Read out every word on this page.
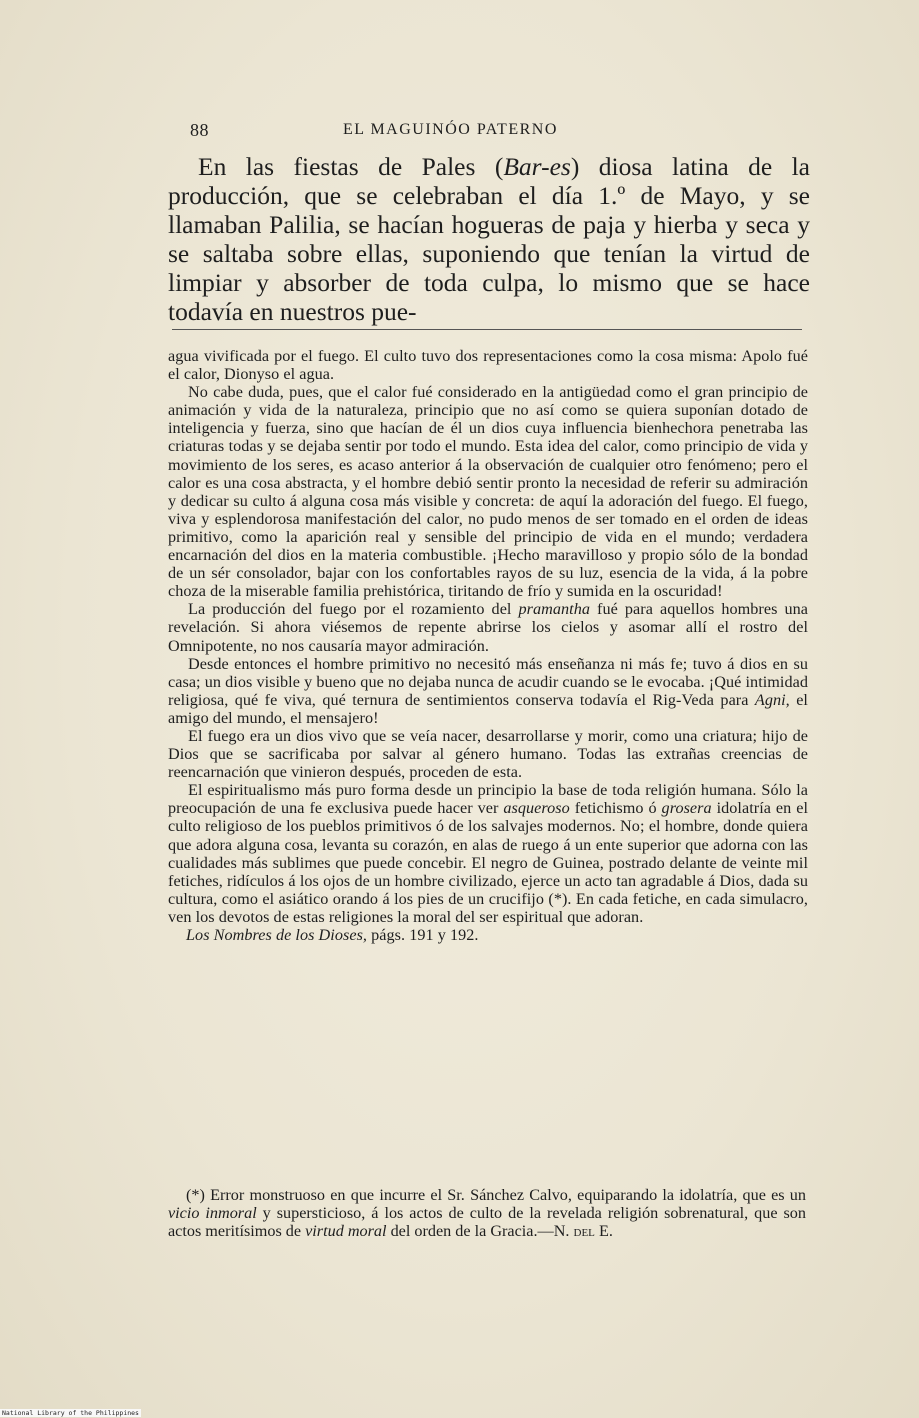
88	EL MAGUINÓO PATERNO

En las fiestas de Pales (Bar-es) diosa latina de la producción, que se celebraban el día 1.º de Mayo, y se llamaban Palilia, se hacían hogueras de paja y hierba y seca y se saltaba sobre ellas, suponiendo que tenían la virtud de limpiar y absorber de toda culpa, lo mismo que se hace todavía en nuestros pue-

agua vivificada por el fuego. El culto tuvo dos representaciones como la cosa misma: Apolo fué el calor, Dionyso el agua.

No cabe duda, pues, que el calor fué considerado en la antigüedad como el gran principio de animación y vida de la naturaleza, principio que no así como se quiera suponían dotado de inteligencia y fuerza, sino que hacían de él un dios cuya influencia bienhechora penetraba las criaturas todas y se dejaba sentir por todo el mundo. Esta idea del calor, como principio de vida y movimiento de los seres, es acaso anterior á la observación de cualquier otro fenómeno; pero el calor es una cosa abstracta, y el hombre debió sentir pronto la necesidad de referir su admiración y dedicar su culto á alguna cosa más visible y concreta: de aquí la adoración del fuego. El fuego, viva y esplendorosa manifestación del calor, no pudo menos de ser tomado en el orden de ideas primitivo, como la aparición real y sensible del principio de vida en el mundo; verdadera encarnación del dios en la materia combustible. ¡Hecho maravilloso y propio sólo de la bondad de un sér consolador, bajar con los confortables rayos de su luz, esencia de la vida, á la pobre choza de la miserable familia prehistórica, tiritando de frío y sumida en la oscuridad!

La producción del fuego por el rozamiento del pramantha fué para aquellos hombres una revelación. Si ahora viésemos de repente abrirse los cielos y asomar allí el rostro del Omnipotente, no nos causaría mayor admiración.

Desde entonces el hombre primitivo no necesitó más enseñanza ni más fe; tuvo á dios en su casa; un dios visible y bueno que no dejaba nunca de acudir cuando se le evocaba. ¡Qué intimidad religiosa, qué fe viva, qué ternura de sentimientos conserva todavía el Rig-Veda para Agni, el amigo del mundo, el mensajero!

El fuego era un dios vivo que se veía nacer, desarrollarse y morir, como una criatura; hijo de Dios que se sacrificaba por salvar al género humano. Todas las extrañas creencias de reencarnación que vinieron después, proceden de esta.

El espiritualismo más puro forma desde un principio la base de toda religión humana. Sólo la preocupación de una fe exclusiva puede hacer ver asqueroso fetichismo ó grosera idolatría en el culto religioso de los pueblos primitivos ó de los salvajes modernos. No; el hombre, donde quiera que adora alguna cosa, levanta su corazón, en alas de ruego á un ente superior que adorna con las cualidades más sublimes que puede concebir. El negro de Guinea, postrado delante de veinte mil fetiches, ridículos á los ojos de un hombre civilizado, ejerce un acto tan agradable á Dios, dada su cultura, como el asiático orando á los pies de un crucifijo (*). En cada fetiche, en cada simulacro, ven los devotos de estas religiones la moral del ser espiritual que adoran.

Los Nombres de los Dioses, págs. 191 y 192.

(*) Error monstruoso en que incurre el Sr. Sánchez Calvo, equiparando la idolatría, que es un vicio inmoral y supersticioso, á los actos de culto de la revelada religión sobrenatural, que son actos meritísimos de virtud moral del orden de la Gracia.—N. del E.

National Library of the Philippines
